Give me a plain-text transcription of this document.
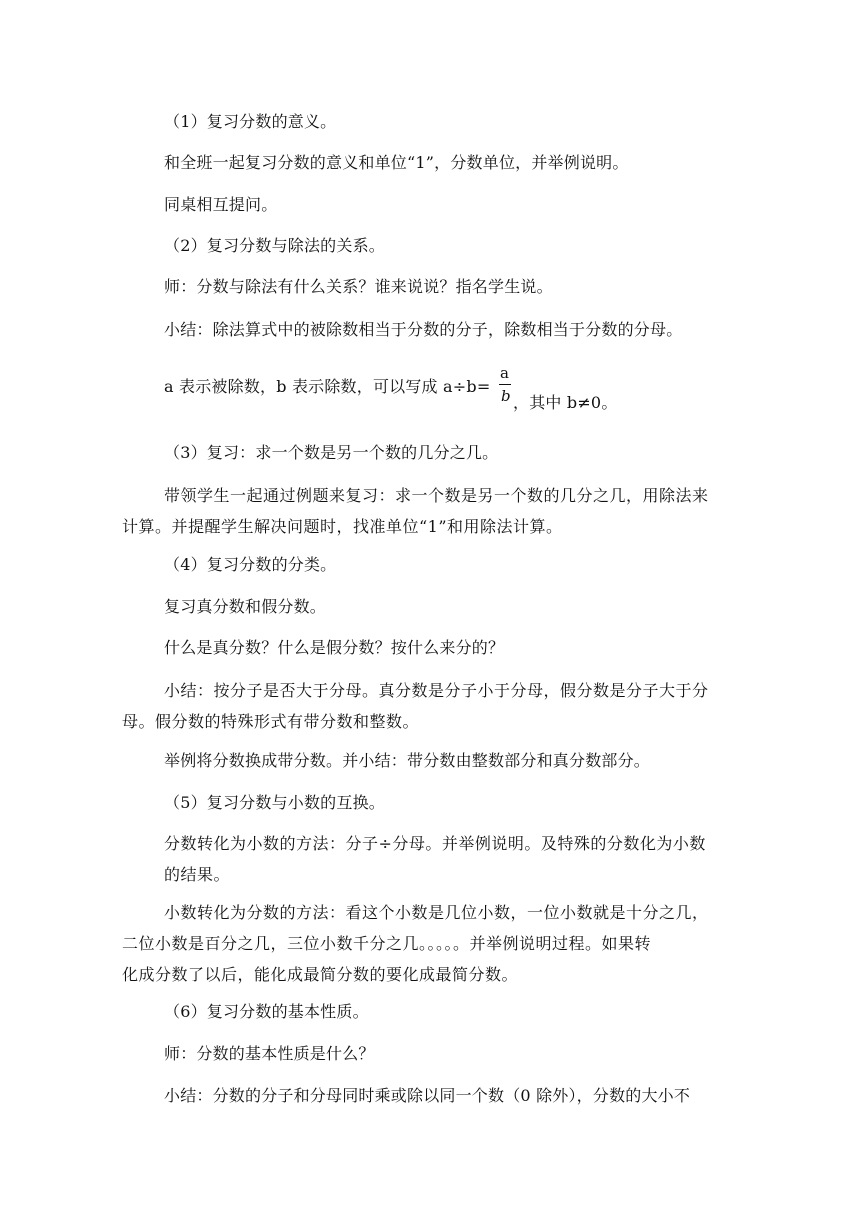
（1）复习分数的意义。
和全班一起复习分数的意义和单位“1”，分数单位，并举例说明。
同桌相互提问。
（2）复习分数与除法的关系。
师：分数与除法有什么关系？谁来说说？指名学生说。
小结：除法算式中的被除数相当于分数的分子，除数相当于分数的分母。
a 表示被除数，b 表示除数，可以写成 a÷b=
a
b ，其中 b≠0。
（3）复习：求一个数是另一个数的几分之几。
带领学生一起通过例题来复习：求一个数是另一个数的几分之几，用除法来
计算。并提醒学生解决问题时，找准单位“1”和用除法计算。
（4）复习分数的分类。
复习真分数和假分数。
什么是真分数？什么是假分数？按什么来分的？
小结：按分子是否大于分母。真分数是分子小于分母，假分数是分子大于分
母。假分数的特殊形式有带分数和整数。
举例将分数换成带分数。并小结：带分数由整数部分和真分数部分。
（5）复习分数与小数的互换。
分数转化为小数的方法：分子÷分母。并举例说明。及特殊的分数化为小数
的结果。
小数转化为分数的方法：看这个小数是几位小数，一位小数就是十分之几，
二位小数是百分之几，三位小数千分之几。。。。。并举例说明过程。如果转
化成分数了以后，能化成最简分数的要化成最简分数。
（6）复习分数的基本性质。
师：分数的基本性质是什么？
小结：分数的分子和分母同时乘或除以同一个数（0 除外），分数的大小不
